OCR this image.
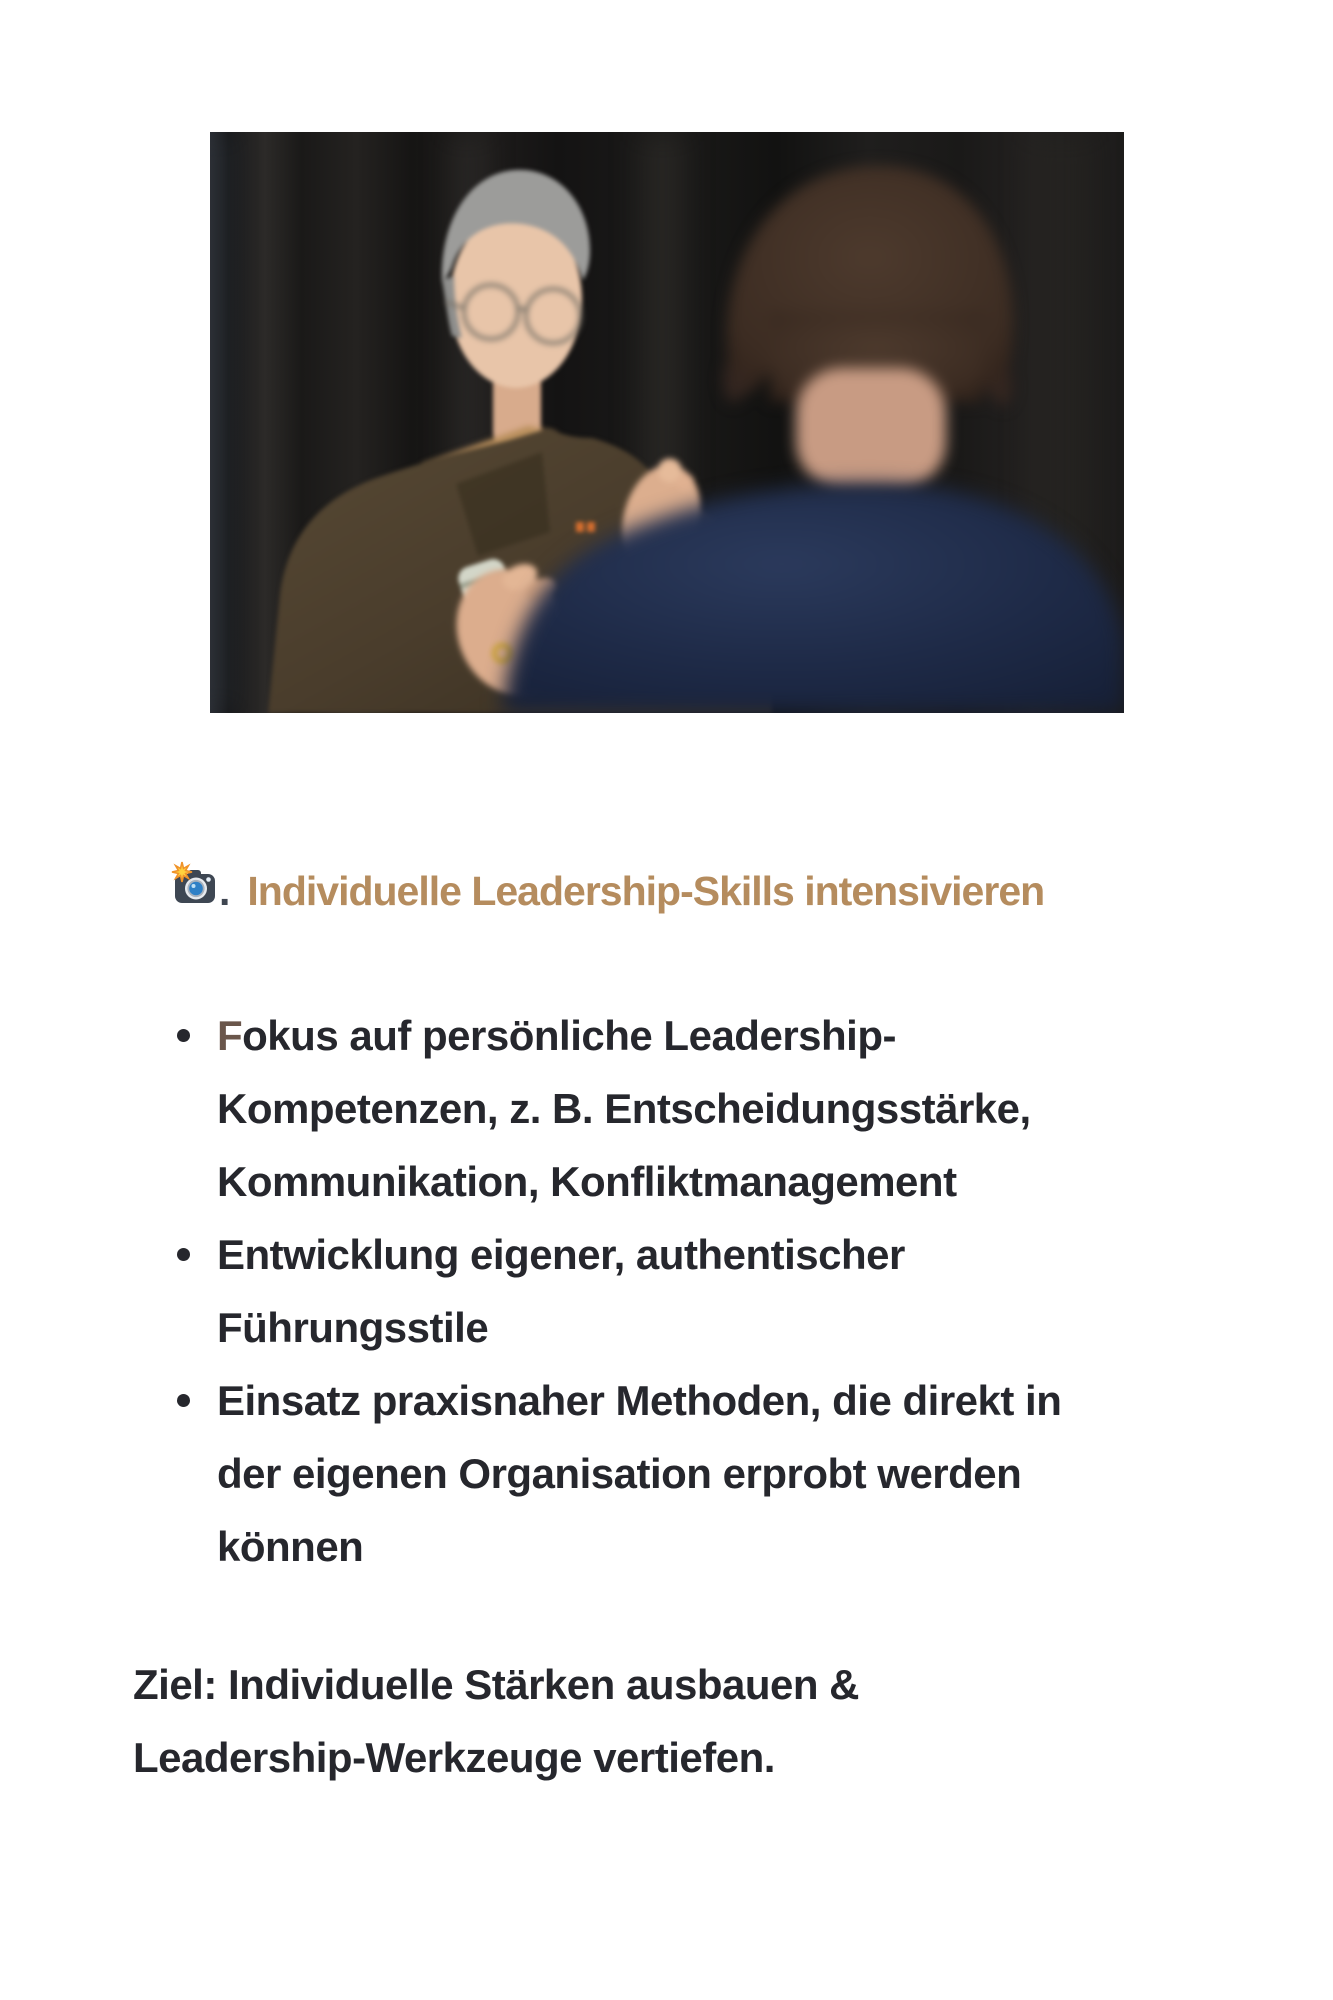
. Individuelle Leadership-Skills intensivieren
Fokus auf persönliche Leadership-
Kompetenzen, z. B. Entscheidungsstärke,
Kommunikation, Konfliktmanagement
Entwicklung eigener, authentischer
Führungsstile
Einsatz praxisnaher Methoden, die direkt in
der eigenen Organisation erprobt werden
können
Ziel: Individuelle Stärken ausbauen &
Leadership-Werkzeuge vertiefen.
